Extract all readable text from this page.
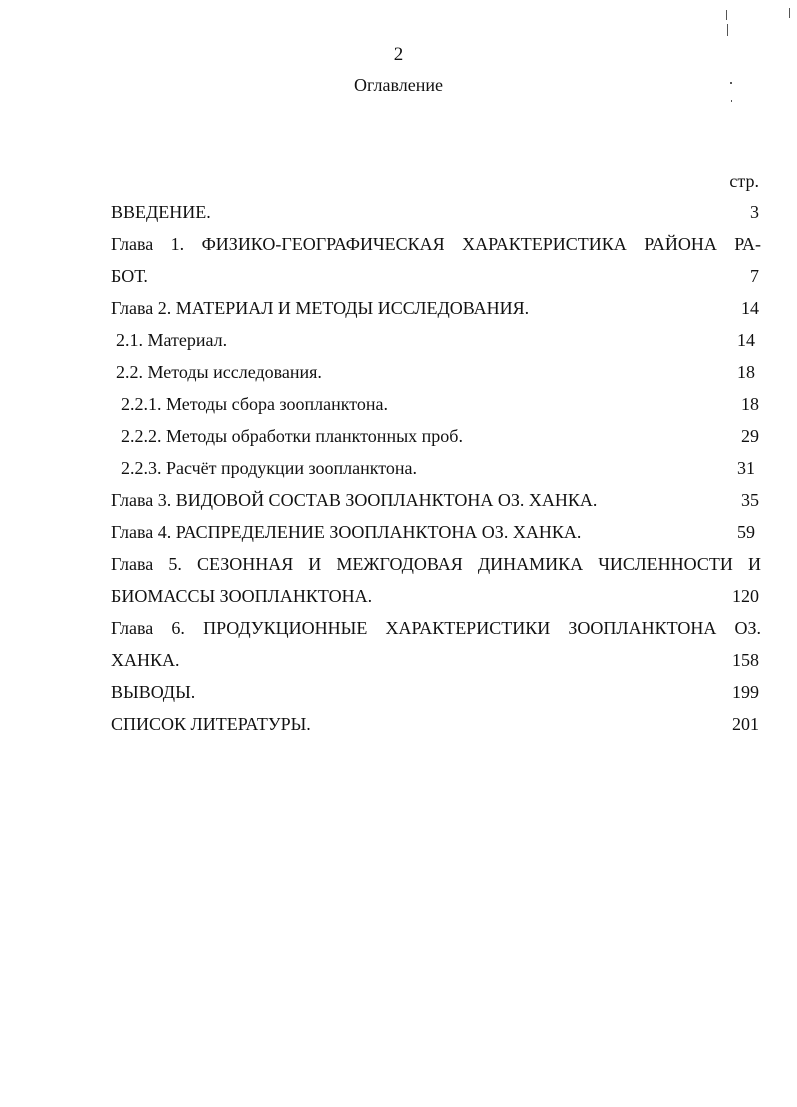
2
Оглавление
стр.
ВВЕДЕНИЕ.	3
Глава 1. ФИЗИКО-ГЕОГРАФИЧЕСКАЯ ХАРАКТЕРИСТИКА РАЙОНА РА-
БОТ.	7
Глава 2. МАТЕРИАЛ И МЕТОДЫ ИССЛЕДОВАНИЯ.	14
2.1. Материал.	14
2.2. Методы исследования.	18
2.2.1. Методы сбора зоопланктона.	18
2.2.2. Методы обработки планктонных проб.	29
2.2.3. Расчёт продукции зоопланктона.	31
Глава 3. ВИДОВОЙ СОСТАВ ЗООПЛАНКТОНА ОЗ. ХАНКА.	35
Глава 4. РАСПРЕДЕЛЕНИЕ ЗООПЛАНКТОНА ОЗ. ХАНКА.	59
Глава 5. СЕЗОННАЯ И МЕЖГОДОВАЯ ДИНАМИКА ЧИСЛЕННОСТИ И
БИОМАССЫ ЗООПЛАНКТОНА.	120
Глава 6. ПРОДУКЦИОННЫЕ ХАРАКТЕРИСТИКИ ЗООПЛАНКТОНА ОЗ.
ХАНКА.	158
ВЫВОДЫ.	199
СПИСОК ЛИТЕРАТУРЫ.	201
